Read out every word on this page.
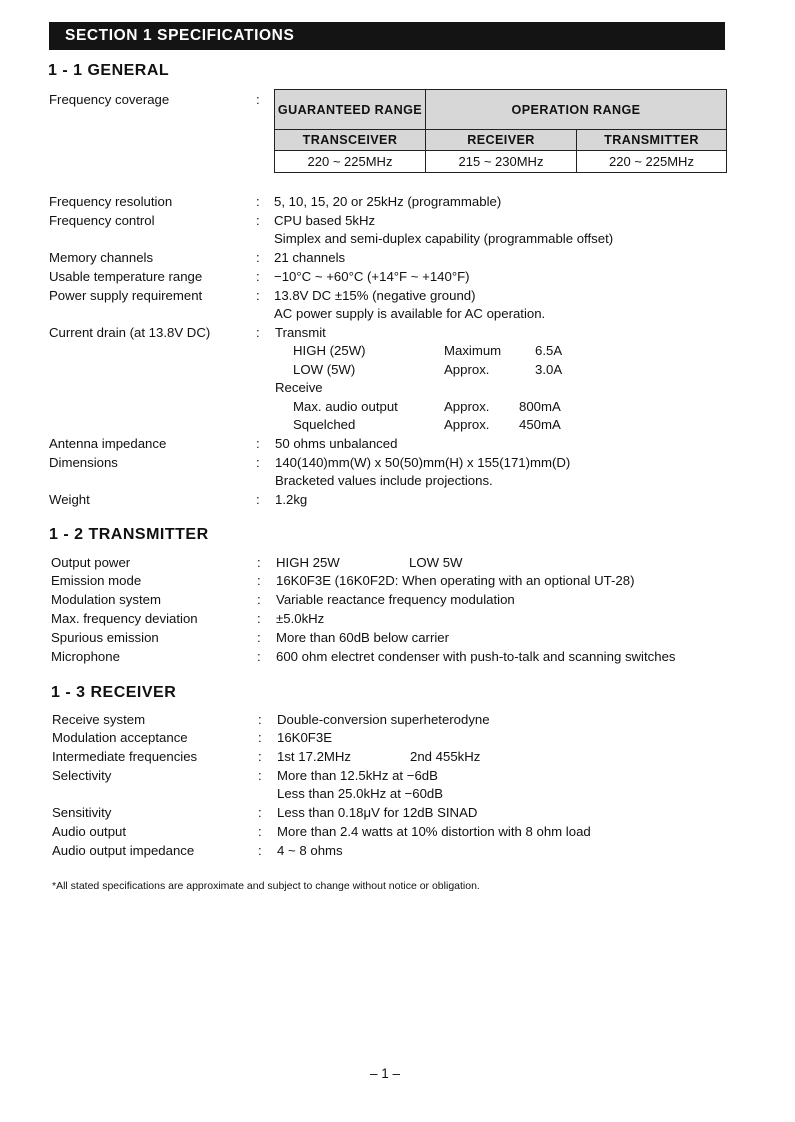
SECTION 1 SPECIFICATIONS
1 - 1 GENERAL
Frequency coverage	:
GUARANTEED RANGE	OPERATION RANGE	
TRANSCEIVER	RECEIVER	TRANSMITTER
220 ~ 225MHz	215 ~ 230MHz	220 ~ 225MHz
Frequency resolution	: 5, 10, 15, 20 or 25kHz (programmable)
Frequency control	: CPU based 5kHz
Simplex and semi-duplex capability (programmable offset)
Memory channels	: 21 channels
Usable temperature range	: −10°C ~ +60°C (+14°F ~ +140°F)
Power supply requirement	: 13.8V DC ±15% (negative ground)
AC power supply is available for AC operation.
Current drain (at 13.8V DC)	: Transmit
HIGH (25W)	Maximum	6.5A
LOW (5W)	Approx.	3.0A
Receive
Max. audio output	Approx. 800mA
Squelched	Approx. 450mA
Antenna impedance	: 50 ohms unbalanced
Dimensions	: 140(140)mm(W) x 50(50)mm(H) x 155(171)mm(D)
Bracketed values include projections.
Weight	: 1.2kg
1 - 2 TRANSMITTER
Output power	: HIGH 25W	LOW 5W
Emission mode	: 16K0F3E (16K0F2D: When operating with an optional UT-28)
Modulation system	: Variable reactance frequency modulation
Max. frequency deviation	: ±5.0kHz
Spurious emission	: More than 60dB below carrier
Microphone	: 600 ohm electret condenser with push-to-talk and scanning switches
1 - 3 RECEIVER
Receive system	: Double-conversion superheterodyne
Modulation acceptance	: 16K0F3E
Intermediate frequencies	: 1st 17.2MHz	2nd 455kHz
Selectivity	: More than 12.5kHz at −6dB
Less than 25.0kHz at −60dB
Sensitivity	: Less than 0.18μV for 12dB SINAD
Audio output	: More than 2.4 watts at 10% distortion with 8 ohm load
Audio output impedance	: 4 ~ 8 ohms
*All stated specifications are approximate and subject to change without notice or obligation.
– 1 –
